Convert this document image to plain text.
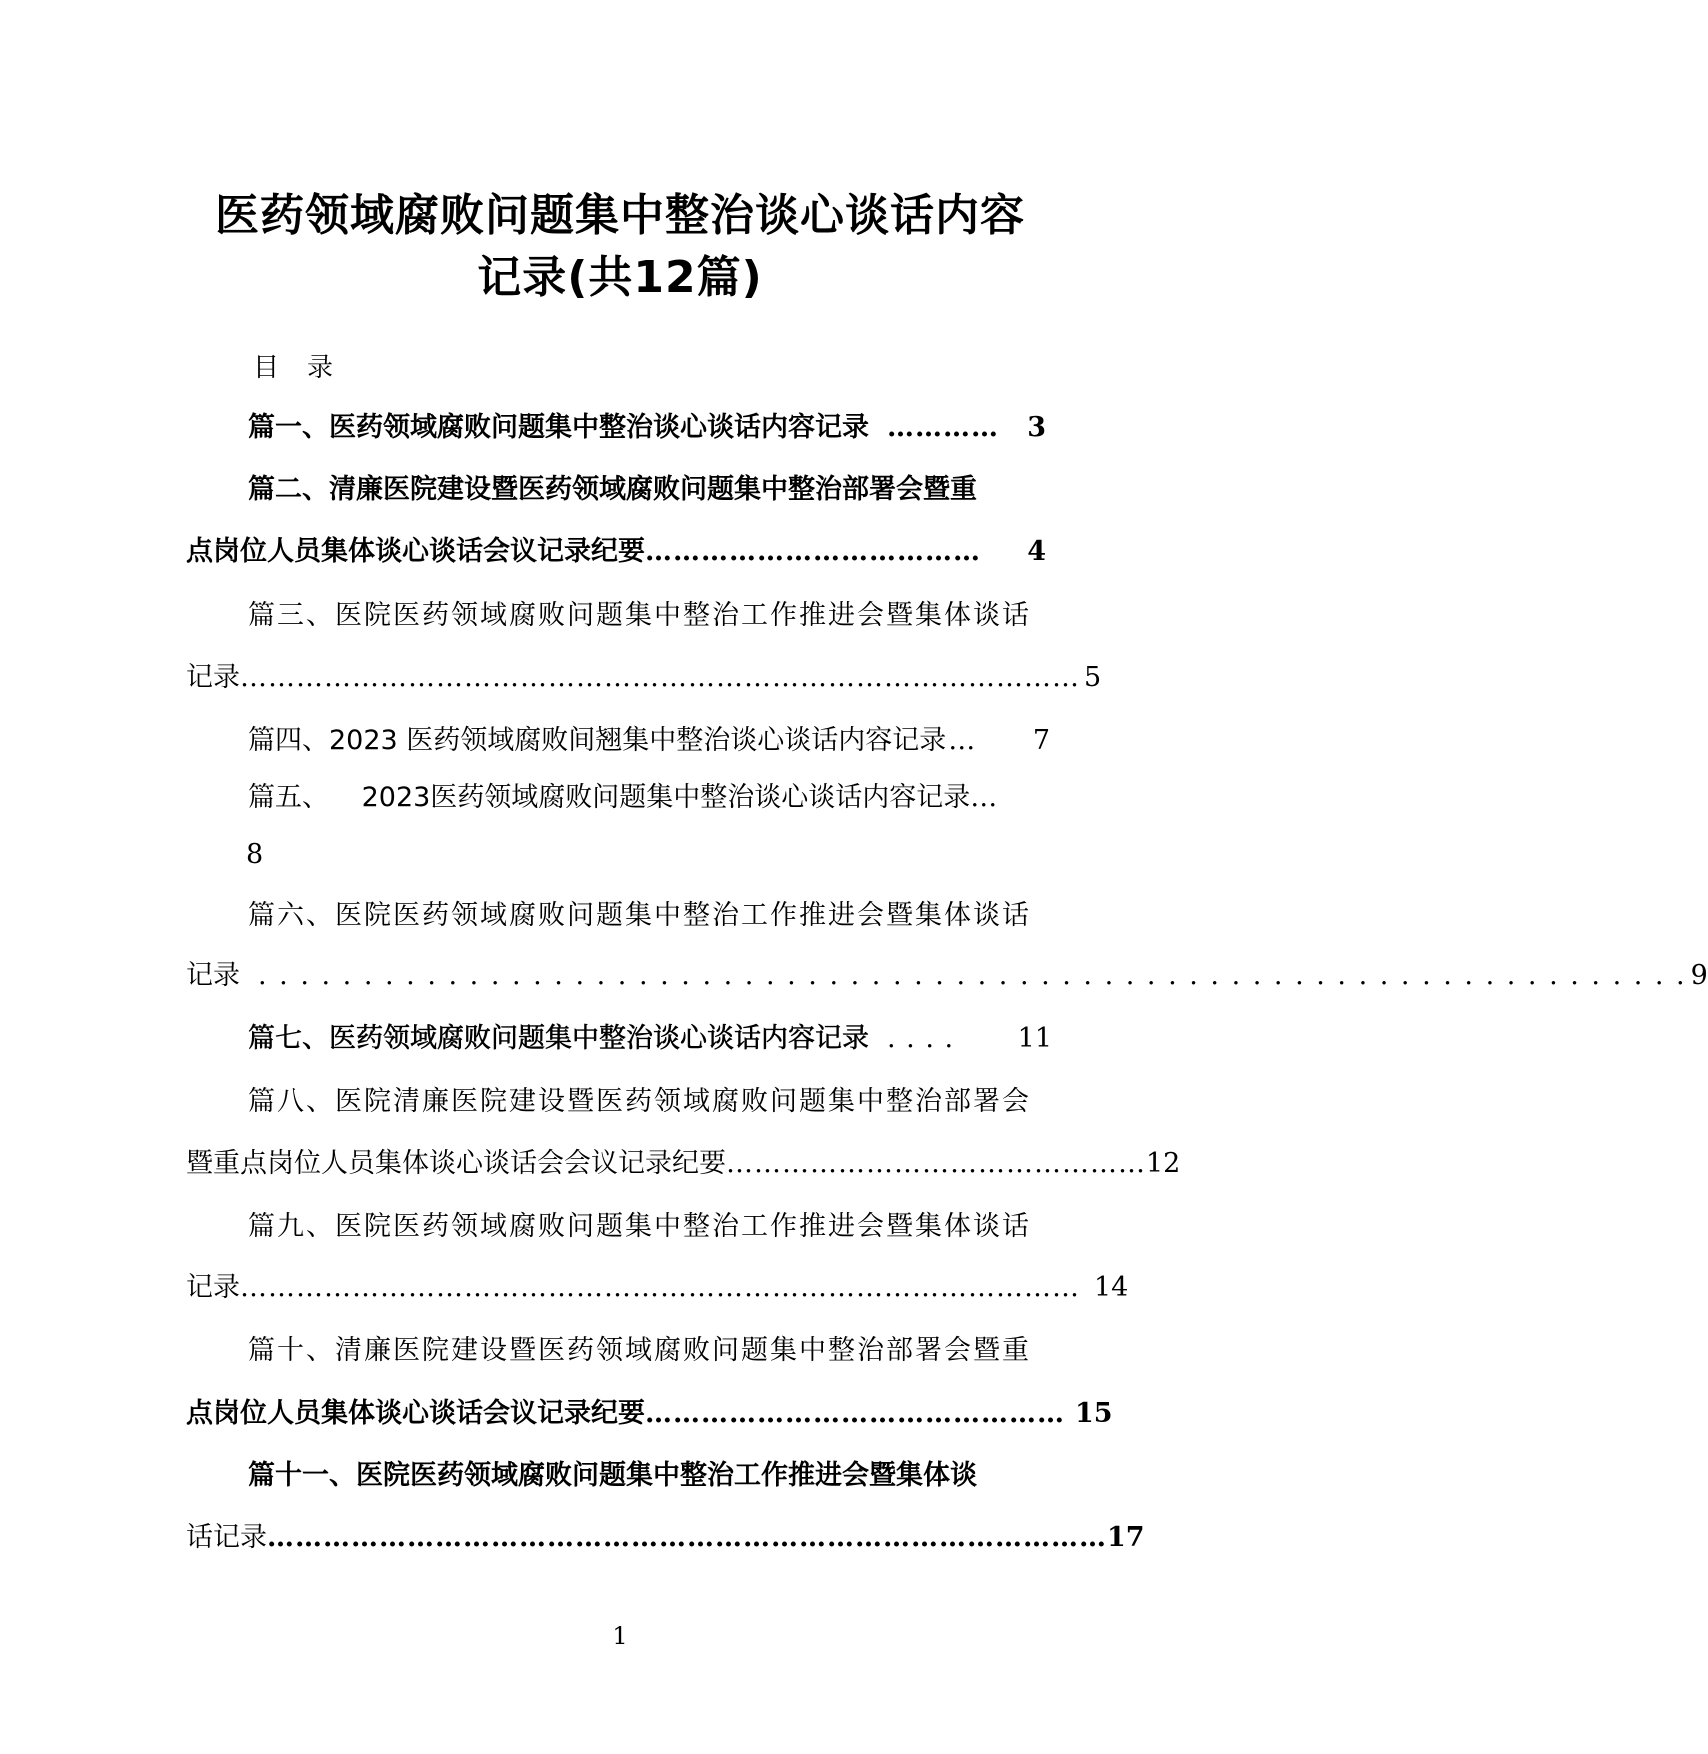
医药领域腐败问题集中整治谈心谈话内容
记录(共12篇)
目录
篇一、医药领域腐败问题集中整治谈心谈话内容记录 …………	3
篇二、清廉医院建设暨医药领域腐败问题集中整治部署会暨重
点岗位人员集体谈心谈话会议记录纪要 ………………………………	4
篇三、医院医药领域腐败问题集中整治工作推进会暨集体谈话
记录 ……………………………………………………………………………… 5
篇四、2023 医药领域腐败间翘集中整治谈心谈话内容记录 …	7
篇五、 2023医药领域腐败问题集中整治谈心谈话内容记录 …
8
篇六、医院医药领域腐败问题集中整治工作推进会暨集体谈话
记录 . . . . . . . . . . . . . . . . . . . . . . . . . . . . . . . . . . . . . . . . . . . . . . . . . . . . . . . . . . . . . . . . . . . . 9
篇七、医药领域腐败问题集中整治谈心谈话内容记录 . . . .	11
篇八、医院清廉医院建设暨医药领域腐败问题集中整治部署会
暨重点岗位人员集体谈心谈话会会议记录纪要 ……………………………………… 12
篇九、医院医药领域腐败问题集中整治工作推进会暨集体谈话
记录 ……………………………………………………………………………… 14
篇十、清廉医院建设暨医药领域腐败问题集中整治部署会暨重
点岗位人员集体谈心谈话会议记录纪要 ……………………………………… 15
篇十一、医院医药领域腐败问题集中整治工作推进会暨集体谈
话记录 ……………………………………………………………………………… 17
1
